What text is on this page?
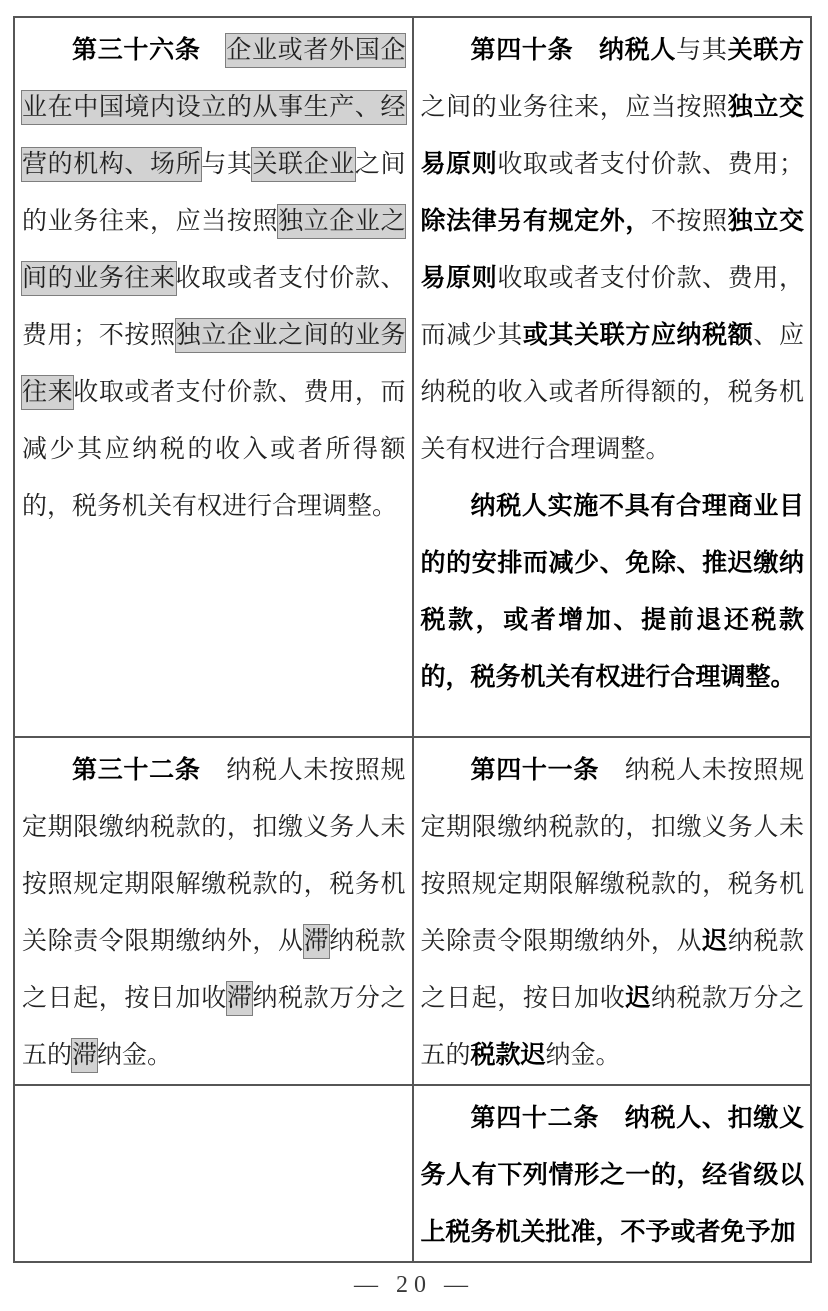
第三十六条　 企业或者外国企业在中国境内设立的从事生产、经营的机构、场所与其关联企业之间的业务往来，应当按照独立企业之间的业务往来收取或者支付价款、费用；不按照独立企业之间的业务往来收取或者支付价款、费用，而减少其应纳税的收入或者所得额的，税务机关有权进行合理调整。	第四十条　纳税人与其关联方之间的业务往来，应当按照独立交易原则收取或者支付价款、费用；除法律另有规定外，不按照独立交易原则收取或者支付价款、费用，而减少其或其关联方应纳税额、应纳税的收入或者所得额的，税务机关有权进行合理调整。

纳税人实施不具有合理商业目的的安排而减少、免除、推迟缴纳税款，或者增加、提前退还税款的，税务机关有权进行合理调整。

第三十二条　纳税人未按照规定期限缴纳税款的，扣缴义务人未按照规定期限解缴税款的，税务机关除责令限期缴纳外，从滞纳税款之日起，按日加收滞纳税款万分之五的滞纳金。	第四十一条　纳税人未按照规定期限缴纳税款的，扣缴义务人未按照规定期限解缴税款的，税务机关除责令限期缴纳外，从迟纳税款之日起，按日加收迟纳税款万分之五的税款迟纳金。

	第四十二条　纳税人、扣缴义务人有下列情形之一的，经省级以上税务机关批准，不予或者免予加

— 20 —
